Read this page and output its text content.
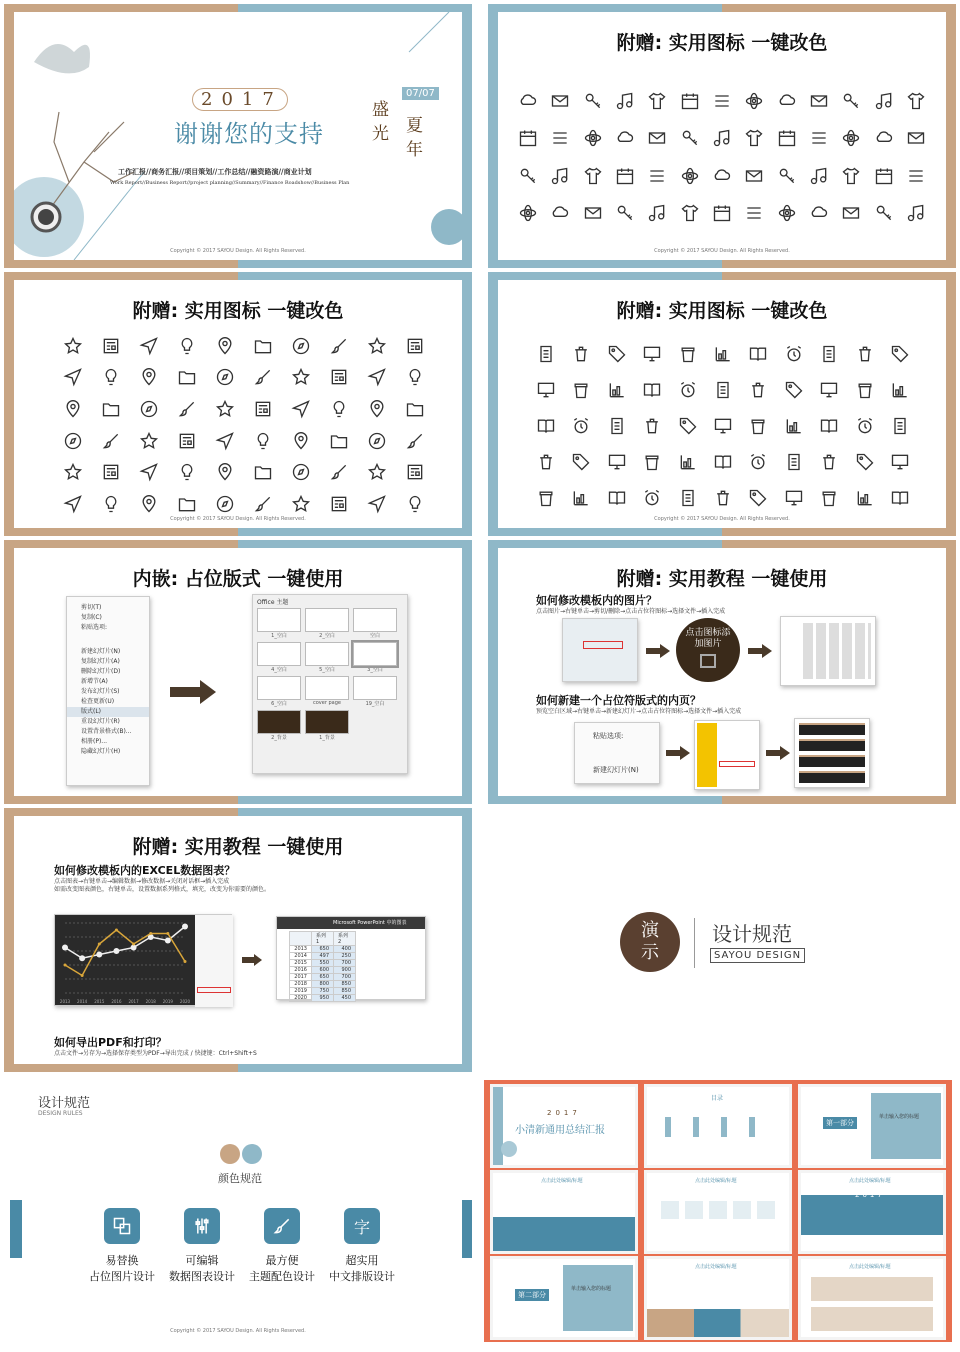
2017	07/07
谢谢您的支持
盛光 夏年
工作汇报//商务汇报//项目策划//工作总结//融资路演//商业计划
Work Report//Business Report//project planning//Summary//Finance Roadshow//Business Plan
Copyright © 2017 SAYOU Design. All Rights Reserved.
附赠: 实用图标 一键改色
Copyright © 2017 SAYOU Design. All Rights Reserved.
附赠: 实用图标 一键改色
Copyright © 2017 SAYOU Design. All Rights Reserved.
附赠: 实用图标 一键改色
Copyright © 2017 SAYOU Design. All Rights Reserved.
内嵌: 占位版式 一键使用
剪切(T)
复制(C)
粘贴选项:
新建幻灯片(N)
复制幻灯片(A)
删除幻灯片(D)
新增节(A)
发布幻灯片(S)
检查更新(U)
版式(L)
重设幻灯片(R)
设置背景格式(B)...
相册(P)...
隐藏幻灯片(H)
Office 主题
1_空白	2_空白	空白
4_空白	5_空白	3_空白
6_空白	cover page	19_空白
2_背景	1_背景
附赠: 实用教程 一键使用
如何修改模板内的图片？
点击图片→右键单击→剪切/删除→点击占位符图标→选择文件→插入完成
点击图标添加图片
如何新建一个占位符版式的内页？
预览空白区域→右键单击→新建幻灯片→点击占位符图标→选择文件→插入完成
粘贴选项:
新建幻灯片(N)
附赠: 实用教程 一键使用
如何修改模板内的EXCEL数据图表？
点击图表→右键单击→编辑数据→修改数据→关闭对话框→插入完成
如需改变图表颜色，右键单击，设置数据系列格式，填充，改变为你需要的颜色。
2013 2014 2015 2016 2017 2018 2019 2020
Microsoft PowerPoint 中的图表
	系列 1	系列 2
2013	650	400
2014	497	250
2015	550	700
2016	600	900
2017	650	700
2018	800	850
2019	750	850
2020	950	450
如何导出PDF和打印？
点击文件→另存为→选择保存类型为PDF→导出完成 / 快捷键：Ctrl+Shift+S
演
示
设计规范
SAYOU DESIGN
设计规范
DESIGN RULES
颜色规范
易替换
占位图片设计
可编辑
数据图表设计
最方便
主题配色设计
字
超实用
中文排版设计
Copyright © 2017 SAYOU Design. All Rights Reserved.
2017
小清新通用总结汇报
目录
第一部分
单击输入您的标题
点击此处编辑/标题	点击此处编辑/标题	点击此处编辑/标题
2017
第二部分
单击输入您的标题
点击此处编辑/标题	点击此处编辑/标题
